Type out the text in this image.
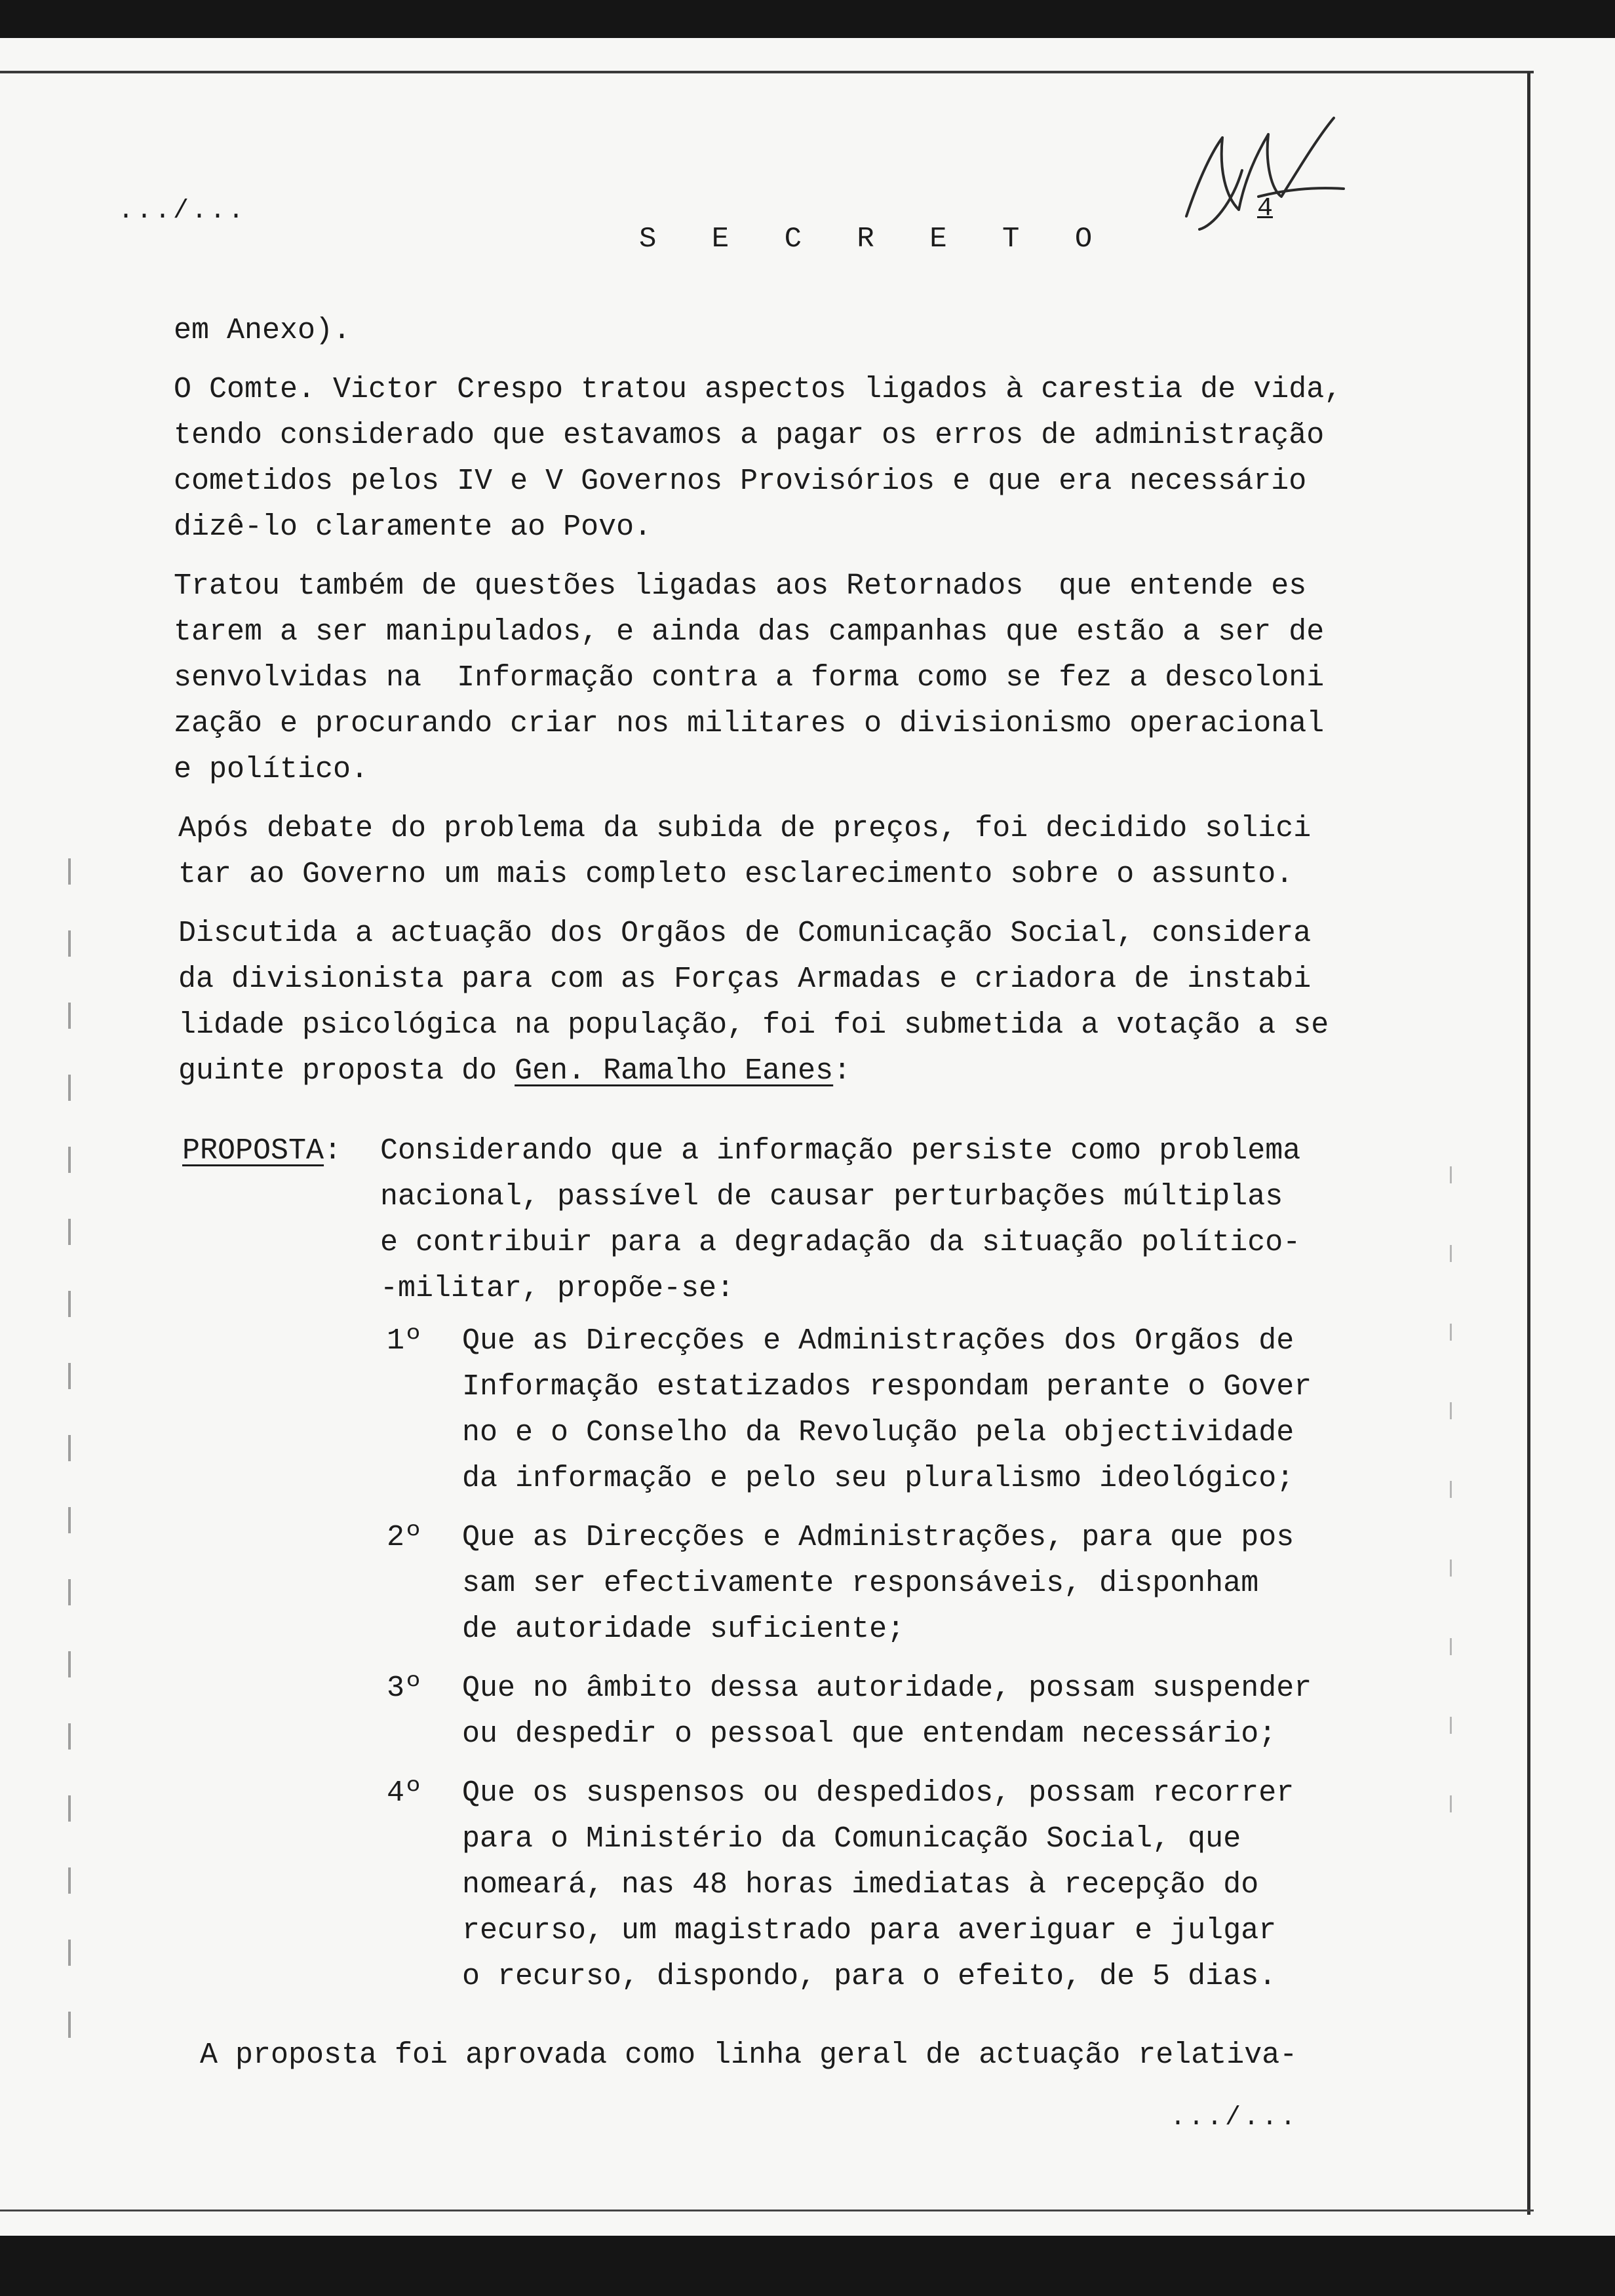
.../...
S E C R E T O
4
em Anexo).
O Comte. Victor Crespo tratou aspectos ligados à carestia de vida,
tendo considerado que estavamos a pagar os erros de administração
cometidos pelos IV e V Governos Provisórios e que era necessário
dizê-lo claramente ao Povo.
Tratou também de questões ligadas aos Retornados  que entende es
tarem a ser manipulados, e ainda das campanhas que estão a ser de
senvolvidas na  Informação contra a forma como se fez a descoloni
zação e procurando criar nos militares o divisionismo operacional
e político.
Após debate do problema da subida de preços, foi decidido solici
tar ao Governo um mais completo esclarecimento sobre o assunto.
Discutida a actuação dos Orgãos de Comunicação Social, considera
da divisionista para com as Forças Armadas e criadora de instabi
lidade psicológica na população, foi foi submetida a votação a se
guinte proposta do Gen. Ramalho Eanes:
PROPOSTA: Considerando que a informação persiste como problema
nacional, passível de causar perturbações múltiplas
e contribuir para a degradação da situação político-
-militar, propõe-se:
1º Que as Direcções e Administrações dos Orgãos de
Informação estatizados respondam perante o Gover
no e o Conselho da Revolução pela objectividade
da informação e pelo seu pluralismo ideológico;
2º Que as Direcções e Administrações, para que pos
sam ser efectivamente responsáveis, disponham
de autoridade suficiente;
3º Que no âmbito dessa autoridade, possam suspender
ou despedir o pessoal que entendam necessário;
4º Que os suspensos ou despedidos, possam recorrer
para o Ministério da Comunicação Social, que
nomeará, nas 48 horas imediatas à recepção do
recurso, um magistrado para averiguar e julgar
o recurso, dispondo, para o efeito, de 5 dias.
A proposta foi aprovada como linha geral de actuação relativa-
.../...
